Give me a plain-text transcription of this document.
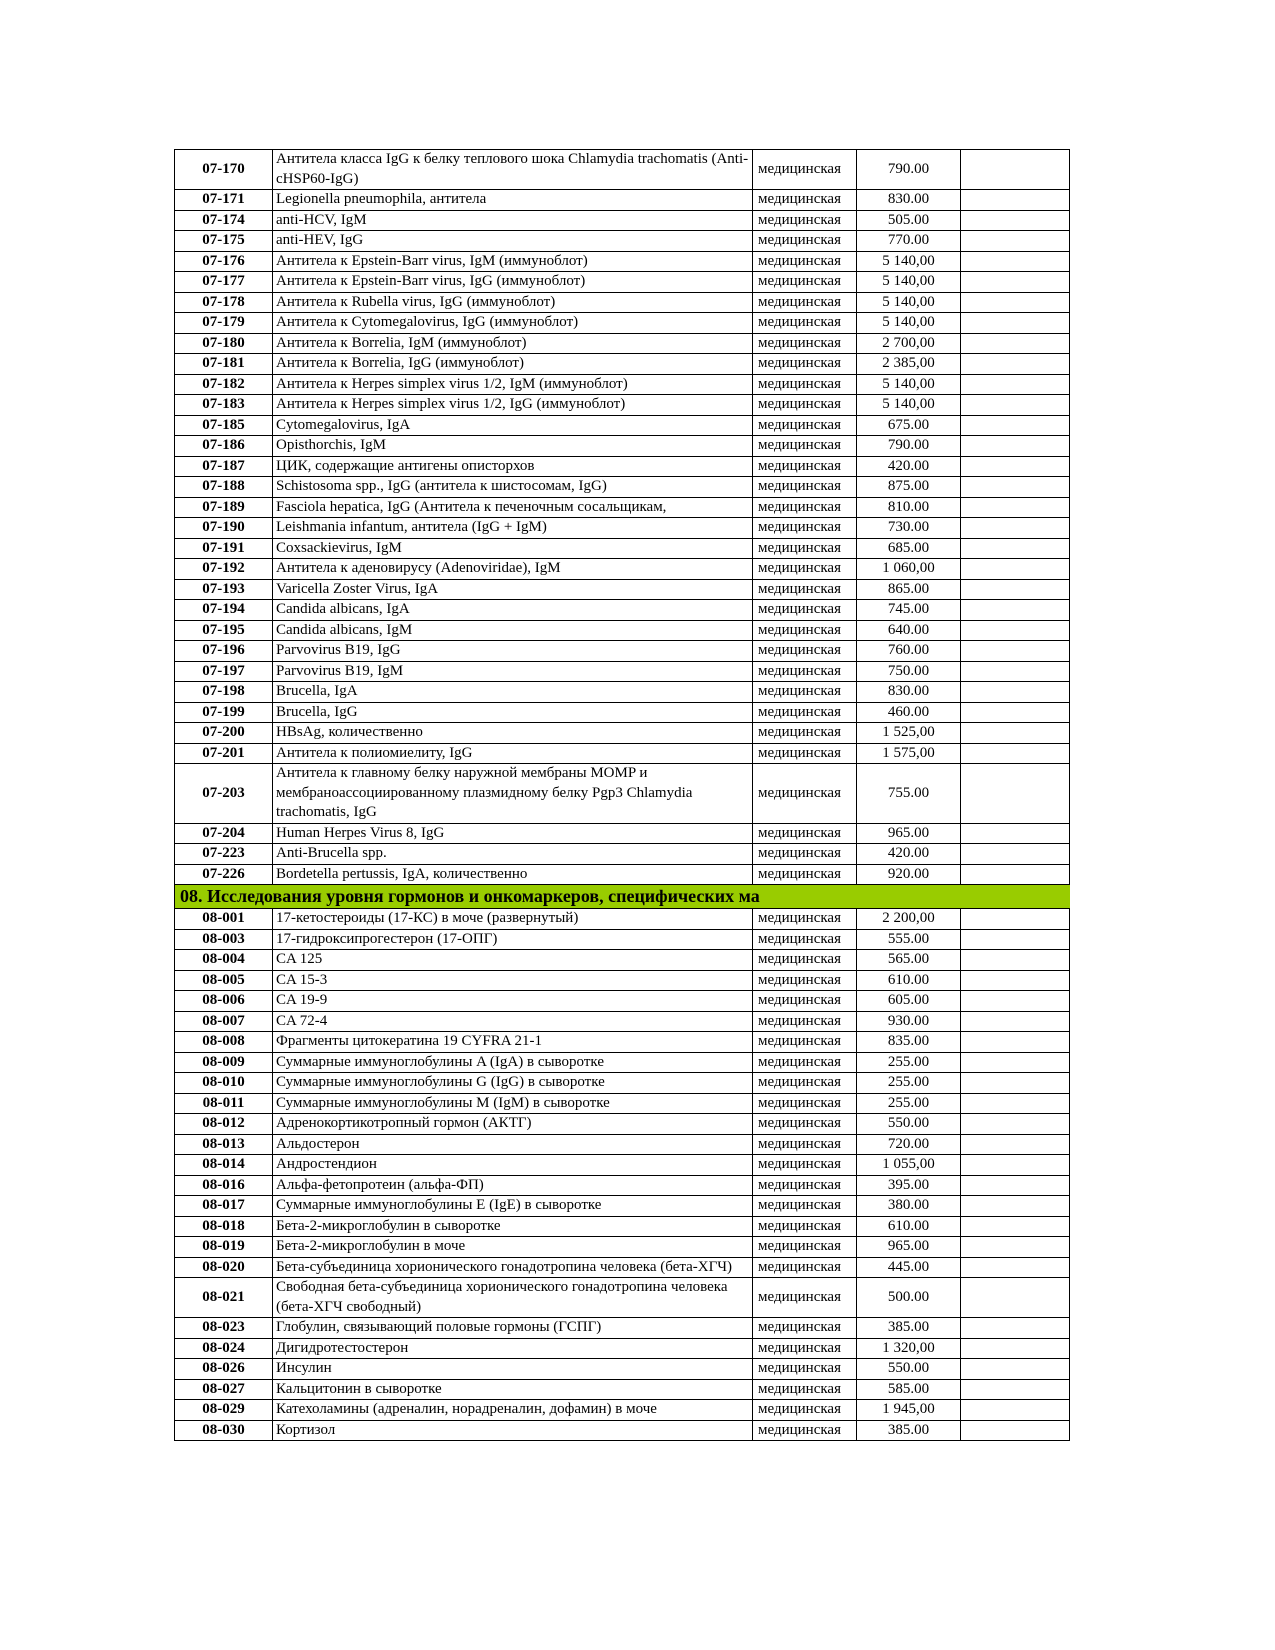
07-170	Антитела класса IgG к белку теплового шока Chlamydia trachomatis (Anti-cHSP60-IgG)	медицинская	790.00	
07-171	Legionella pneumophila, антитела	медицинская	830.00	
07-174	anti-HCV, IgM	медицинская	505.00	
07-175	anti-HEV, IgG	медицинская	770.00	
07-176	Антитела к Epstein-Barr virus, IgM (иммуноблот)	медицинская	5 140,00	
07-177	Антитела к Epstein-Barr virus, IgG (иммуноблот)	медицинская	5 140,00	
07-178	Антитела к Rubella virus, IgG (иммуноблот)	медицинская	5 140,00	
07-179	Антитела к Cytomegalovirus, IgG (иммуноблот)	медицинская	5 140,00	
07-180	Антитела к Borrelia, IgM (иммуноблот)	медицинская	2 700,00	
07-181	Антитела к Borrelia, IgG (иммуноблот)	медицинская	2 385,00	
07-182	Антитела к Herpes simplex virus 1/2, IgM (иммуноблот)	медицинская	5 140,00	
07-183	Антитела к Herpes simplex virus 1/2, IgG (иммуноблот)	медицинская	5 140,00	
07-185	Cytomegalovirus, IgA	медицинская	675.00	
07-186	Opisthorchis, IgM	медицинская	790.00	
07-187	ЦИК, содержащие антигены описторхов	медицинская	420.00	
07-188	Schistosoma spp., IgG (антитела к шистосомам, IgG)	медицинская	875.00	
07-189	Fasciola hepatica, IgG (Антитела к печеночным сосальщикам,	медицинская	810.00	
07-190	Leishmania infantum, антитела (IgG + IgM)	медицинская	730.00	
07-191	Coxsackievirus, IgM	медицинская	685.00	
07-192	Антитела к аденовирусу (Adenoviridae), IgM	медицинская	1 060,00	
07-193	Varicella Zoster Virus, IgA	медицинская	865.00	
07-194	Candida albicans, IgA	медицинская	745.00	
07-195	Candida albicans, IgM	медицинская	640.00	
07-196	Parvovirus B19, IgG	медицинская	760.00	
07-197	Parvovirus B19, IgM	медицинская	750.00	
07-198	Brucella, IgA	медицинская	830.00	
07-199	Brucella, IgG	медицинская	460.00	
07-200	HBsAg, количественно	медицинская	1 525,00	
07-201	Антитела к полиомиелиту, IgG	медицинская	1 575,00	
07-203	Антитела к главному белку наружной мембраны MOMP и мембраноассоциированному плазмидному белку Pgp3 Chlamydia trachomatis, IgG	медицинская	755.00	
07-204	Human Herpes Virus 8, IgG	медицинская	965.00	
07-223	Anti-Brucella spp.	медицинская	420.00	
07-226	Bordetella pertussis, IgA, количественно	медицинская	920.00	
08. Исследования уровня гормонов и онкомаркеров, специфических ма				
08-001	17-кетостероиды (17-КС) в моче (развернутый)	медицинская	2 200,00	
08-003	17-гидроксипрогестерон (17-ОПГ)	медицинская	555.00	
08-004	CA 125	медицинская	565.00	
08-005	CA 15-3	медицинская	610.00	
08-006	CA 19-9	медицинская	605.00	
08-007	CA 72-4	медицинская	930.00	
08-008	Фрагменты цитокератина 19 CYFRA 21-1	медицинская	835.00	
08-009	Суммарные иммуноглобулины A (IgA) в сыворотке	медицинская	255.00	
08-010	Суммарные иммуноглобулины G (IgG) в сыворотке	медицинская	255.00	
08-011	Суммарные иммуноглобулины M (IgM) в сыворотке	медицинская	255.00	
08-012	Адренокортикотропный гормон (АКТГ)	медицинская	550.00	
08-013	Альдостерон	медицинская	720.00	
08-014	Андростендион	медицинская	1 055,00	
08-016	Альфа-фетопротеин (альфа-ФП)	медицинская	395.00	
08-017	Суммарные иммуноглобулины E (IgE) в сыворотке	медицинская	380.00	
08-018	Бета-2-микроглобулин в сыворотке	медицинская	610.00	
08-019	Бета-2-микроглобулин в моче	медицинская	965.00	
08-020	Бета-субъединица хорионического гонадотропина человека (бета-ХГЧ)	медицинская	445.00	
08-021	Свободная бета-субъединица хорионического гонадотропина человека (бета-ХГЧ свободный)	медицинская	500.00	
08-023	Глобулин, связывающий половые гормоны (ГСПГ)	медицинская	385.00	
08-024	Дигидротестостерон	медицинская	1 320,00	
08-026	Инсулин	медицинская	550.00	
08-027	Кальцитонин в сыворотке	медицинская	585.00	
08-029	Катехоламины (адреналин, норадреналин, дофамин) в моче	медицинская	1 945,00	
08-030	Кортизол	медицинская	385.00	
